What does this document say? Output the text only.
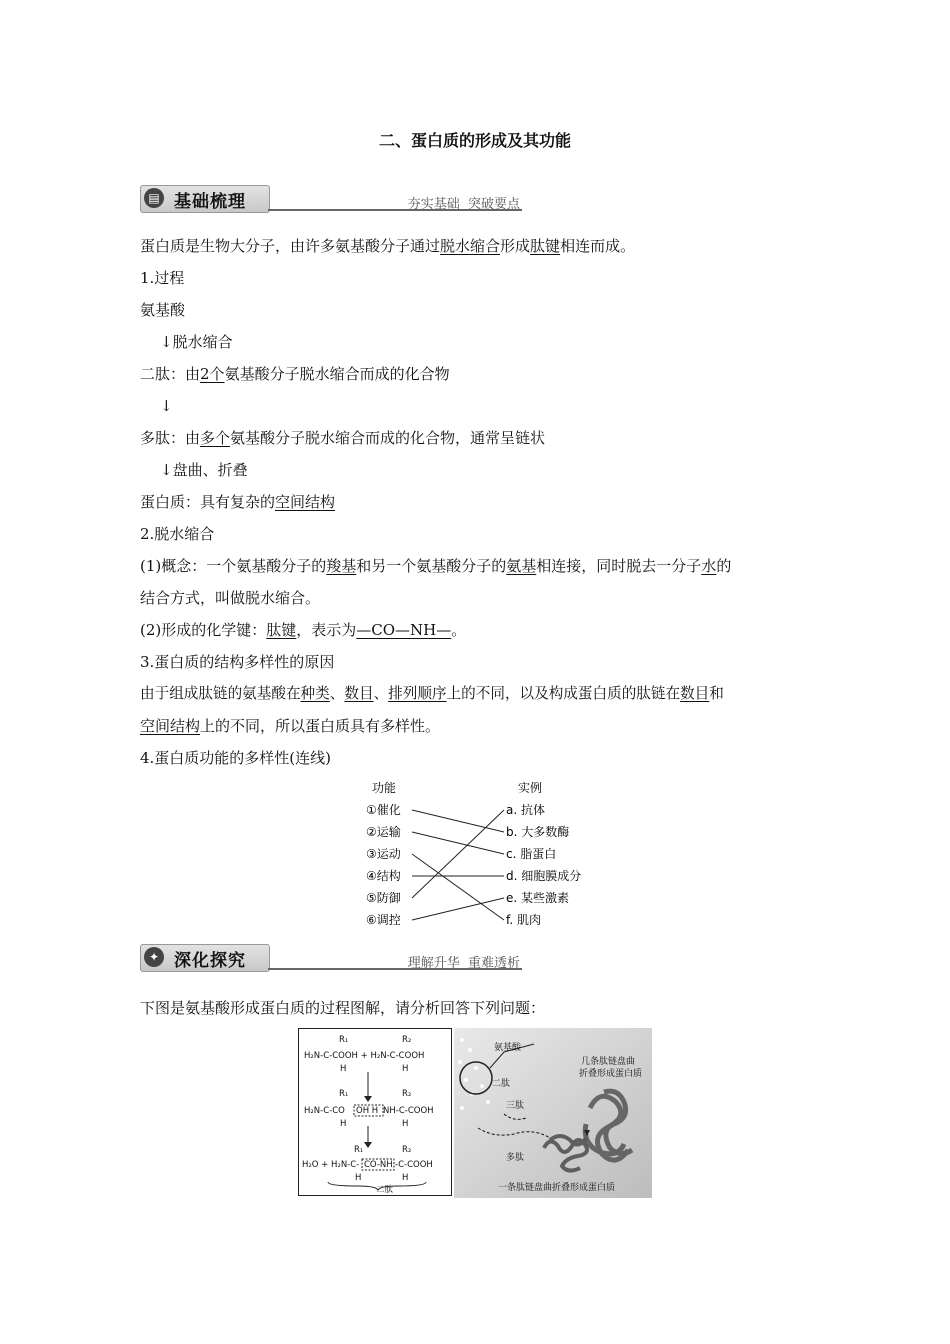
二、蛋白质的形成及其功能
▤ 基础梳理	夯实基础  突破要点
蛋白质是生物大分子，由许多氨基酸分子通过脱水缩合形成肽键相连而成。
1.过程
氨基酸
↓脱水缩合
二肽：由2个氨基酸分子脱水缩合而成的化合物
↓
多肽：由多个氨基酸分子脱水缩合而成的化合物，通常呈链状
↓盘曲、折叠
蛋白质：具有复杂的空间结构
2.脱水缩合
(1)概念：一个氨基酸分子的羧基和另一个氨基酸分子的氨基相连接，同时脱去一分子水的
结合方式，叫做脱水缩合。
(2)形成的化学键：肽键，表示为—CO—NH—。
3.蛋白质的结构多样性的原因
由于组成肽链的氨基酸在种类、数目、排列顺序上的不同，以及构成蛋白质的肽链在数目和
空间结构上的不同，所以蛋白质具有多样性。
4.蛋白质功能的多样性(连线)
功能	实例
①催化
②运输
③运动
④结构
⑤防御
⑥调控
a. 抗体
b. 大多数酶
c. 脂蛋白
d. 细胞膜成分
e. 某些激素
f. 肌肉
✦ 深化探究	理解升华  重难透析
下图是氨基酸形成蛋白质的过程图解，请分析回答下列问题：
R₁	R₂
H₂N-C-COOH + H₂N-C-COOH
H	H
R₁	R₂
H₂N-C-CO OH H NH-C-COOH
H	H
R₁	R₂
H₂O + H₂N-C- CO-NH -C-COOH
H	H
二肽
氨基酸
二肽
三肽
多肽
几条肽链盘曲折叠形成蛋白质
一条肽链盘曲折叠形成蛋白质
